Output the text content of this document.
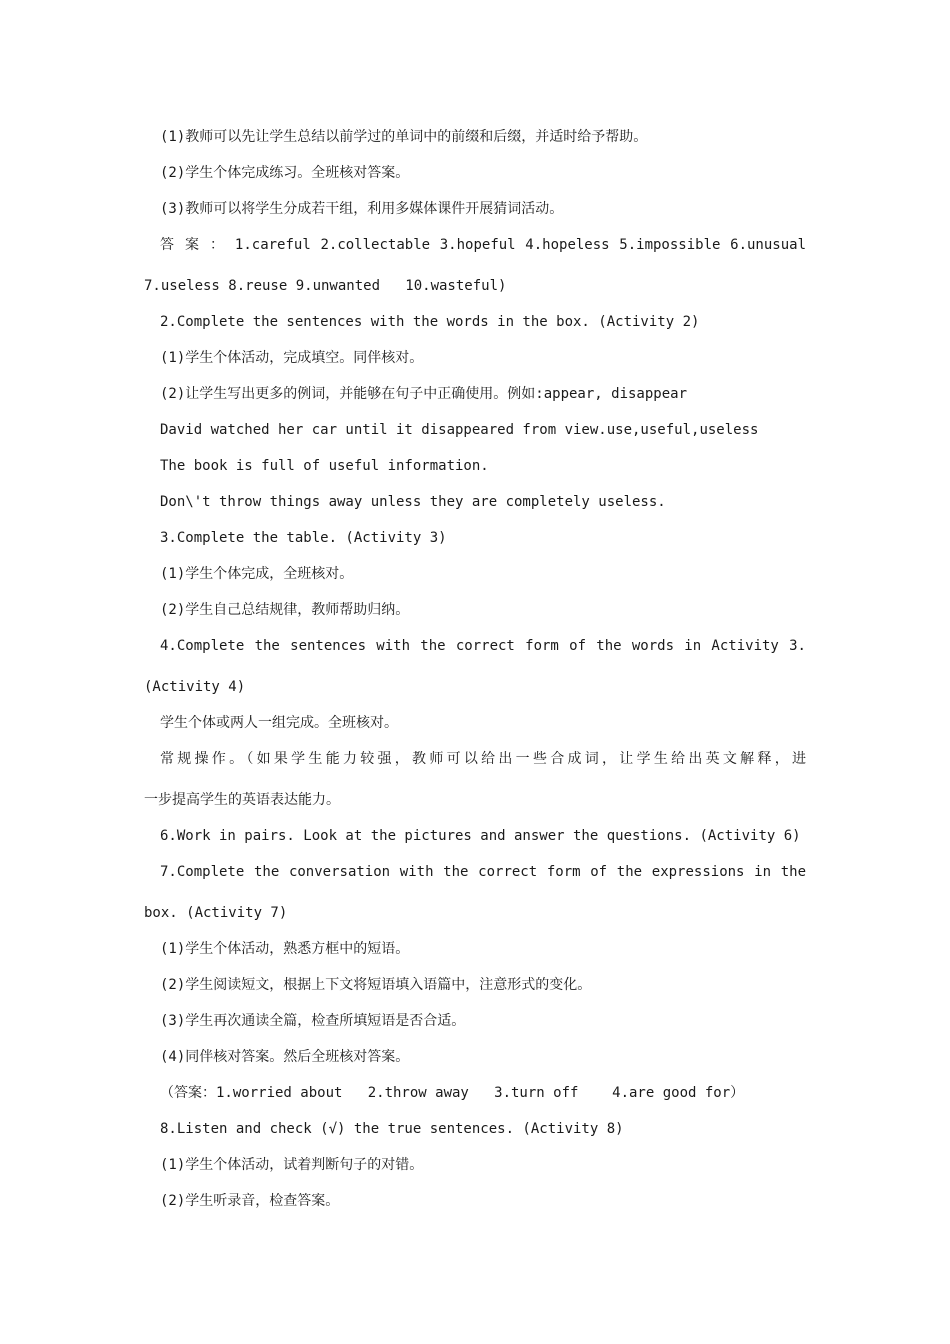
(1)教师可以先让学生总结以前学过的单词中的前缀和后缀，并适时给予帮助。

(2)学生个体完成练习。全班核对答案。

(3)教师可以将学生分成若干组，利用多媒体课件开展猜词活动。

答 案 ： 1.careful 2.collectable 3.hopeful 4.hopeless 5.impossible 6.unusual

7.useless 8.reuse 9.unwanted   10.wasteful)

2.Complete the sentences with the words in the box. (Activity 2)

(1)学生个体活动，完成填空。同伴核对。

(2)让学生写出更多的例词，并能够在句子中正确使用。例如:appear, disappear

David watched her car until it disappeared from view.use,useful,useless

The book is full of useful information.

Don\'t throw things away unless they are completely useless.

3.Complete the table. (Activity 3)

(1)学生个体完成，全班核对。

(2)学生自己总结规律，教师帮助归纳。

4.Complete the sentences with the correct form of the words in Activity 3.

(Activity 4)

学生个体或两人一组完成。全班核对。

常规操作。（如果学生能力较强，教师可以给出一些合成词，让学生给出英文解释，进

一步提高学生的英语表达能力。

6.Work in pairs. Look at the pictures and answer the questions. (Activity 6)

7.Complete the conversation with the correct form of the expressions in the

box. (Activity 7)

(1)学生个体活动，熟悉方框中的短语。

(2)学生阅读短文，根据上下文将短语填入语篇中，注意形式的变化。

(3)学生再次通读全篇，检查所填短语是否合适。

(4)同伴核对答案。然后全班核对答案。

（答案：1.worried about   2.throw away   3.turn off    4.are good for）

8.Listen and check (√) the true sentences. (Activity 8)

(1)学生个体活动，试着判断句子的对错。

(2)学生听录音，检查答案。
